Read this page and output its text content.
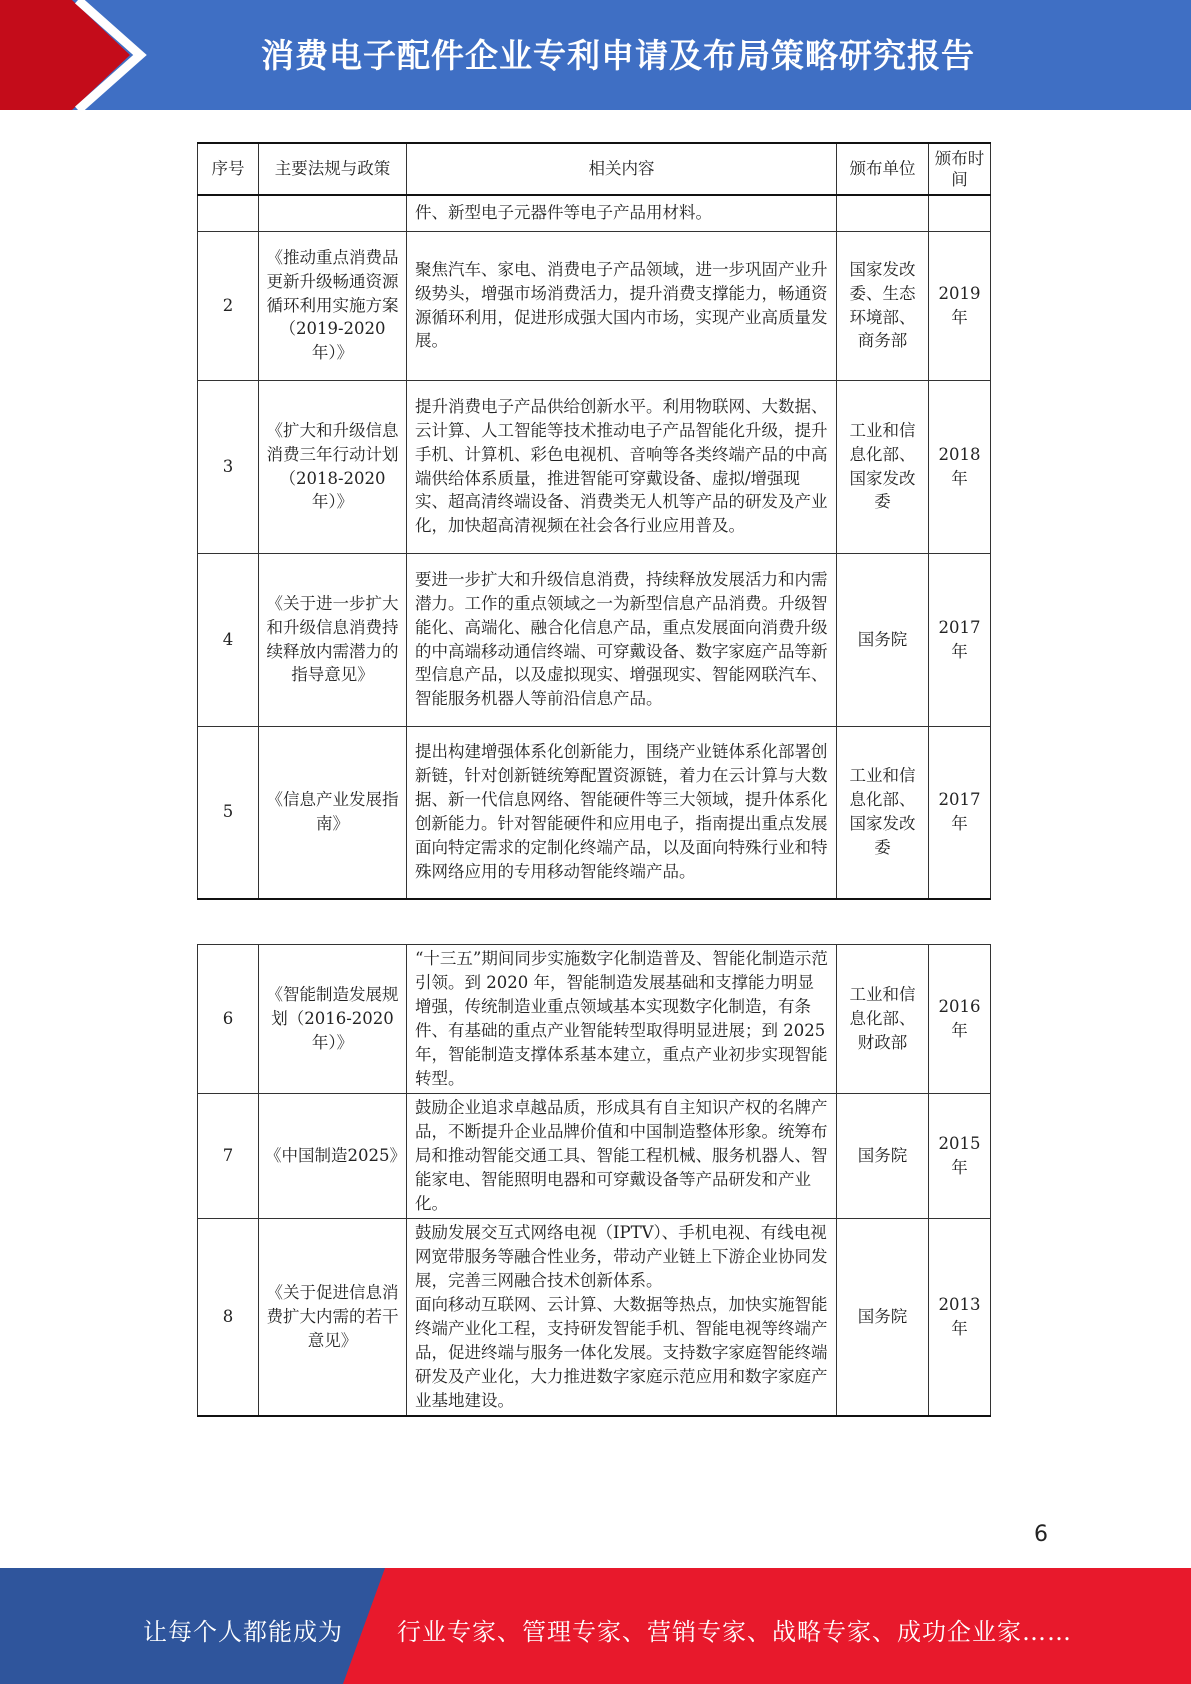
消费电子配件企业专利申请及布局策略研究报告
序号	主要法规与政策	相关内容	颁布单位	颁布时间
		件、新型电子元器件等电子产品用材料。		
2	《推动重点消费品更新升级畅通资源循环利用实施方案（2019-2020年）》	聚焦汽车、家电、消费电子产品领域，进一步巩固产业升级势头，增强市场消费活力，提升消费支撑能力，畅通资源循环利用，促进形成强大国内市场，实现产业高质量发展。	国家发改委、生态环境部、商务部	2019年
3	《扩大和升级信息消费三年行动计划（2018-2020年）》	提升消费电子产品供给创新水平。利用物联网、大数据、云计算、人工智能等技术推动电子产品智能化升级，提升手机、计算机、彩色电视机、音响等各类终端产品的中高端供给体系质量，推进智能可穿戴设备、虚拟/增强现实、超高清终端设备、消费类无人机等产品的研发及产业化，加快超高清视频在社会各行业应用普及。	工业和信息化部、国家发改委	2018年
4	《关于进一步扩大和升级信息消费持续释放内需潜力的指导意见》	要进一步扩大和升级信息消费，持续释放发展活力和内需潜力。工作的重点领域之一为新型信息产品消费。升级智能化、高端化、融合化信息产品，重点发展面向消费升级的中高端移动通信终端、可穿戴设备、数字家庭产品等新型信息产品，以及虚拟现实、增强现实、智能网联汽车、智能服务机器人等前沿信息产品。	国务院	2017年
5	《信息产业发展指南》	提出构建增强体系化创新能力，围绕产业链体系化部署创新链，针对创新链统筹配置资源链，着力在云计算与大数据、新一代信息网络、智能硬件等三大领域，提升体系化创新能力。针对智能硬件和应用电子，指南提出重点发展面向特定需求的定制化终端产品，以及面向特殊行业和特殊网络应用的专用移动智能终端产品。	工业和信息化部、国家发改委	2017年
6	《智能制造发展规划（2016-2020年）》	“十三五”期间同步实施数字化制造普及、智能化制造示范引领。到 2020 年，智能制造发展基础和支撑能力明显增强，传统制造业重点领域基本实现数字化制造，有条件、有基础的重点产业智能转型取得明显进展；到 2025 年，智能制造支撑体系基本建立，重点产业初步实现智能转型。	工业和信息化部、财政部	2016年
7	《中国制造2025》	鼓励企业追求卓越品质，形成具有自主知识产权的名牌产品，不断提升企业品牌价值和中国制造整体形象。统筹布局和推动智能交通工具、智能工程机械、服务机器人、智能家电、智能照明电器和可穿戴设备等产品研发和产业化。	国务院	2015年
8	《关于促进信息消费扩大内需的若干意见》	鼓励发展交互式网络电视（IPTV）、手机电视、有线电视网宽带服务等融合性业务，带动产业链上下游企业协同发展，完善三网融合技术创新体系。
面向移动互联网、云计算、大数据等热点，加快实施智能终端产业化工程，支持研发智能手机、智能电视等终端产品，促进终端与服务一体化发展。支持数字家庭智能终端研发及产业化，大力推进数字家庭示范应用和数字家庭产业基地建设。	国务院	2013年
6
让每个人都能成为 行业专家、管理专家、营销专家、战略专家、成功企业家……
